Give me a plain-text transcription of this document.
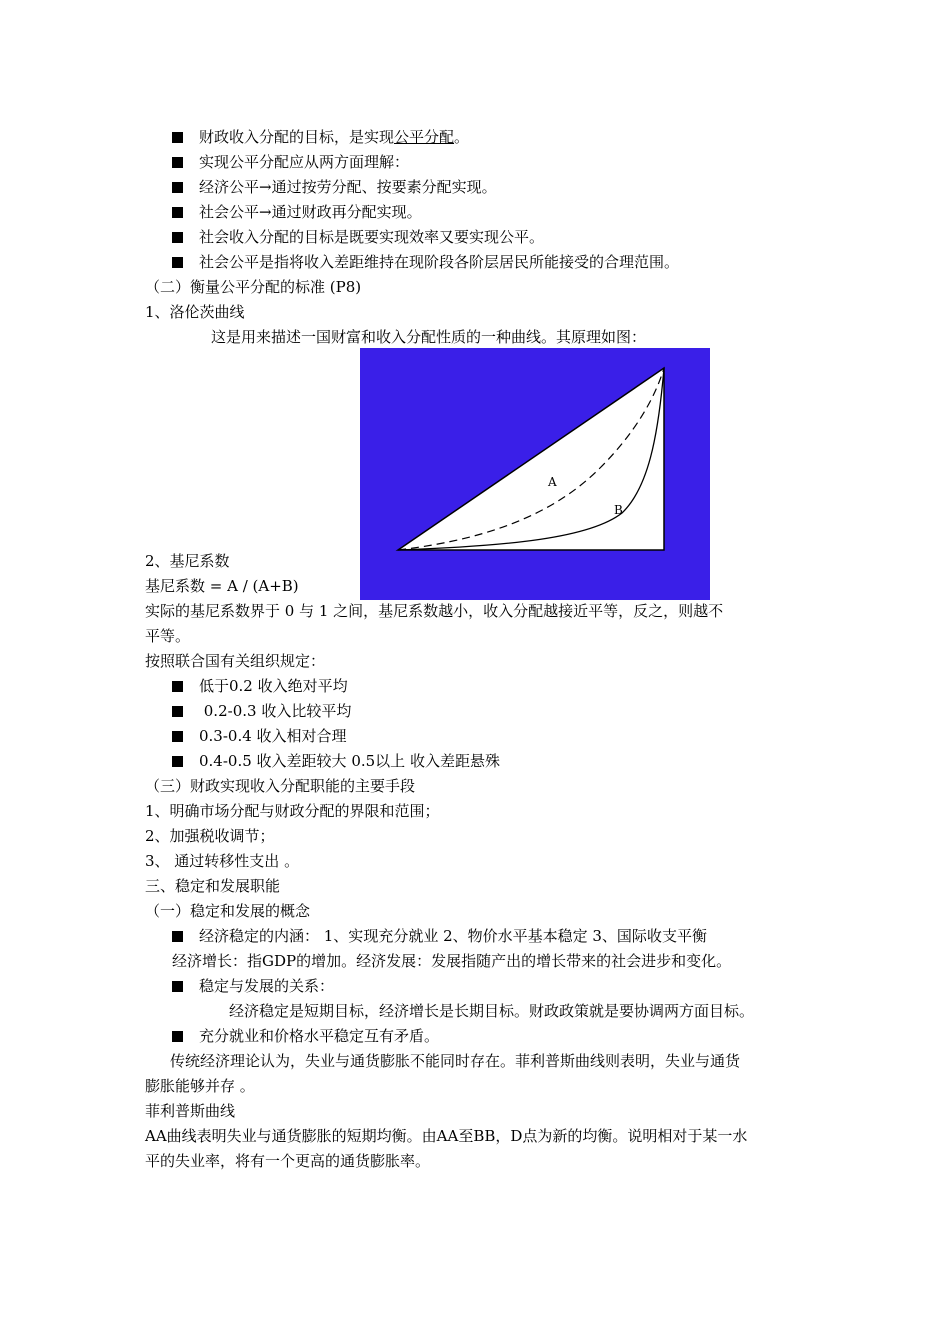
财政收入分配的目标，是实现公平分配。
实现公平分配应从两方面理解：
经济公平→通过按劳分配、按要素分配实现。
社会公平→通过财政再分配实现。
社会收入分配的目标是既要实现效率又要实现公平。
社会公平是指将收入差距维持在现阶段各阶层居民所能接受的合理范围。
（二）衡量公平分配的标准 (P8)
1、洛伦茨曲线
这是用来描述一国财富和收入分配性质的一种曲线。其原理如图：
A
B
2、基尼系数
基尼系数 = A / (A+B)
实际的基尼系数界于 0 与 1 之间，基尼系数越小，收入分配越接近平等，反之，则越不
平等。
按照联合国有关组织规定：
低于0.2 收入绝对平均
0.2-0.3 收入比较平均
0.3-0.4 收入相对合理
0.4-0.5 收入差距较大 0.5以上 收入差距悬殊
（三）财政实现收入分配职能的主要手段
1、明确市场分配与财政分配的界限和范围；
2、加强税收调节；
3、 通过转移性支出 。
三、稳定和发展职能
（一）稳定和发展的概念
经济稳定的内涵： 1、实现充分就业 2、物价水平基本稳定 3、国际收支平衡
经济增长：指GDP的增加。经济发展：发展指随产出的增长带来的社会进步和变化。
稳定与发展的关系：
经济稳定是短期目标，经济增长是长期目标。财政政策就是要协调两方面目标。
充分就业和价格水平稳定互有矛盾。
传统经济理论认为，失业与通货膨胀不能同时存在。菲利普斯曲线则表明，失业与通货
膨胀能够并存 。
菲利普斯曲线
AA曲线表明失业与通货膨胀的短期均衡。由AA至BB，D点为新的均衡。说明相对于某一水
平的失业率，将有一个更高的通货膨胀率。
